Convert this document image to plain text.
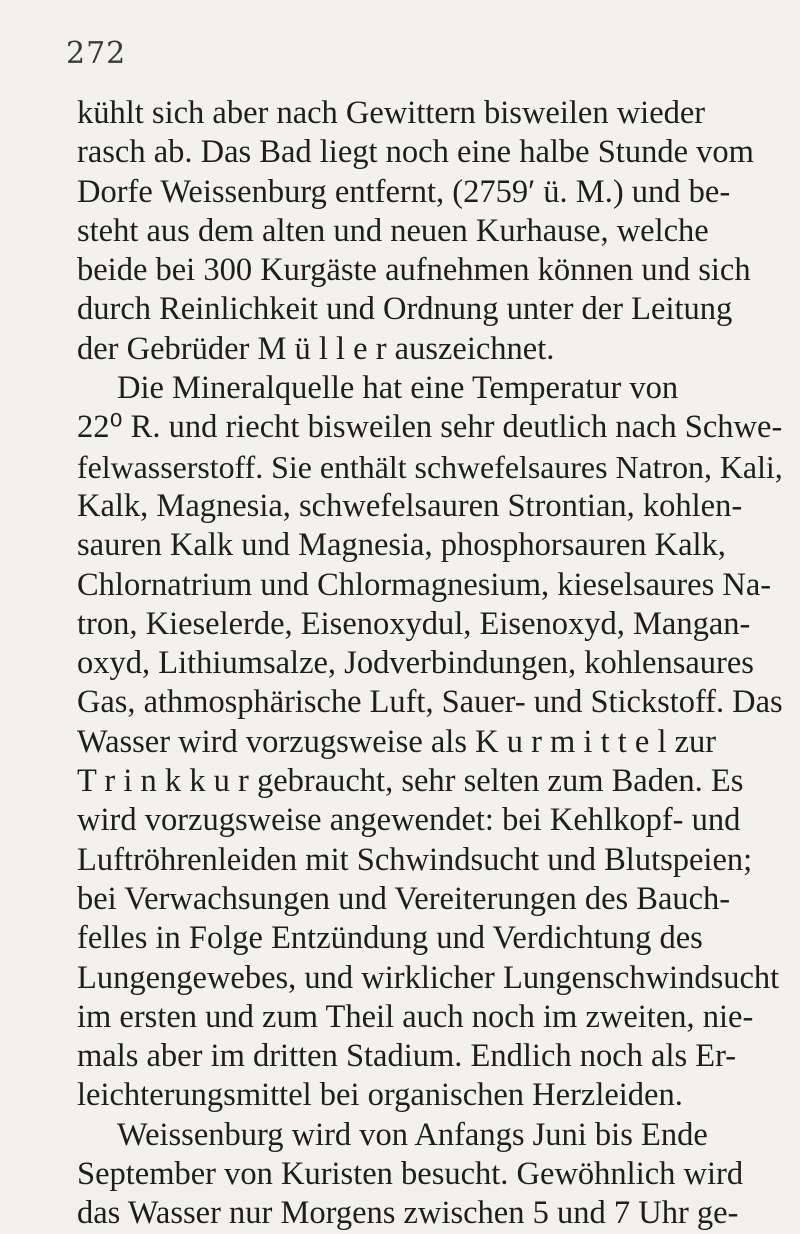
272
kühlt sich aber nach Gewittern bisweilen wieder
rasch ab. Das Bad liegt noch eine halbe Stunde vom
Dorfe Weissenburg entfernt, (2759′ ü. M.) und be-
steht aus dem alten und neuen Kurhause, welche
beide bei 300 Kurgäste aufnehmen können und sich
durch Reinlichkeit und Ordnung unter der Leitung
der Gebrüder M ü l l e r auszeichnet.
Die Mineralquelle hat eine Temperatur von
22⁰ R. und riecht bisweilen sehr deutlich nach Schwe-
felwasserstoff. Sie enthält schwefelsaures Natron, Kali,
Kalk, Magnesia, schwefelsauren Strontian, kohlen-
sauren Kalk und Magnesia, phosphorsauren Kalk,
Chlornatrium und Chlormagnesium, kieselsaures Na-
tron, Kieselerde, Eisenoxydul, Eisenoxyd, Mangan-
oxyd, Lithiumsalze, Jodverbindungen, kohlensaures
Gas, athmosphärische Luft, Sauer- und Stickstoff. Das
Wasser wird vorzugsweise als K u r m i t t e l zur
T r i n k k u r gebraucht, sehr selten zum Baden. Es
wird vorzugsweise angewendet: bei Kehlkopf- und
Luftröhrenleiden mit Schwindsucht und Blutspeien;
bei Verwachsungen und Vereiterungen des Bauch-
felles in Folge Entzündung und Verdichtung des
Lungengewebes, und wirklicher Lungenschwindsucht
im ersten und zum Theil auch noch im zweiten, nie-
mals aber im dritten Stadium. Endlich noch als Er-
leichterungsmittel bei organischen Herzleiden.
Weissenburg wird von Anfangs Juni bis Ende
September von Kuristen besucht. Gewöhnlich wird
das Wasser nur Morgens zwischen 5 und 7 Uhr ge-
